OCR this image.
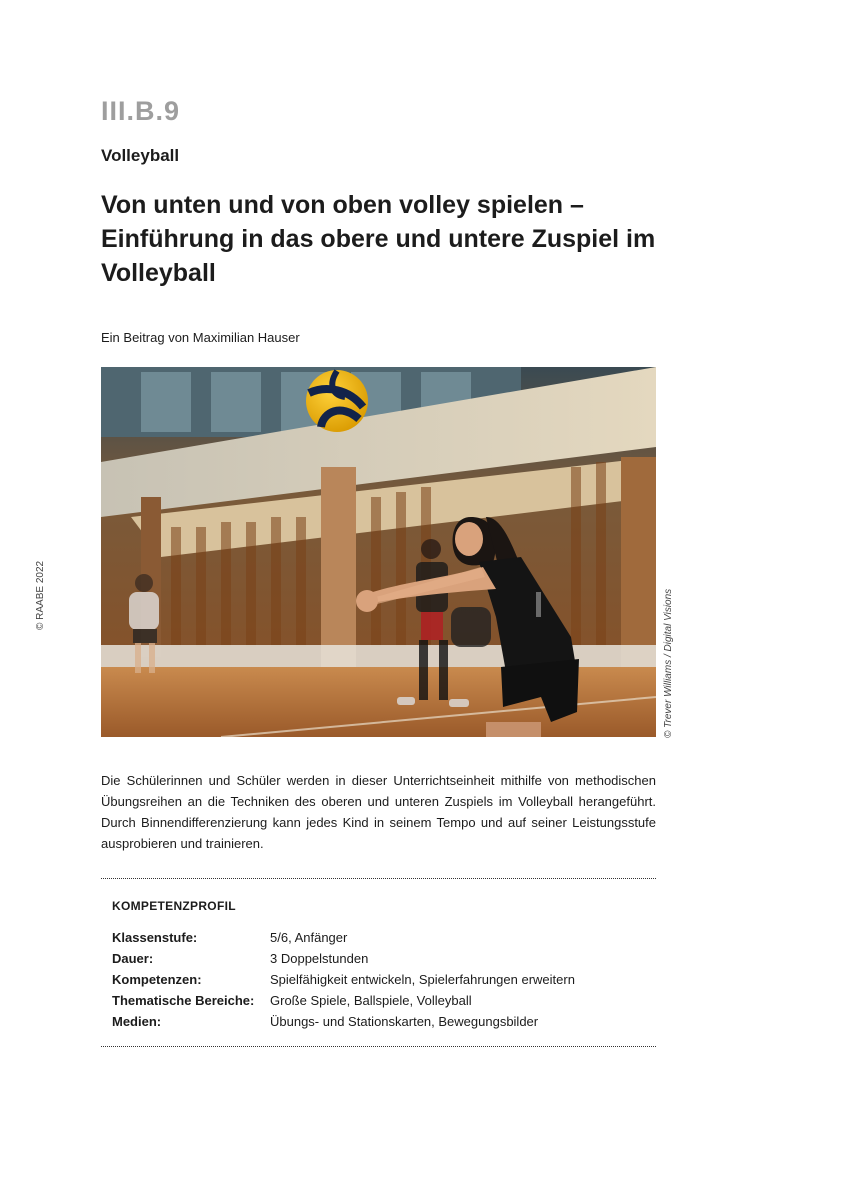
III.B.9
Volleyball
Von unten und von oben volley spielen – Einführung in das obere und untere Zuspiel im Volleyball
Ein Beitrag von Maximilian Hauser
© RAABE 2022	© Trever Williams / Digital Visions

Die Schülerinnen und Schüler werden in dieser Unterrichtseinheit mithilfe von methodischen Übungsreihen an die Techniken des oberen und unteren Zuspiels im Volleyball herangeführt. Durch Binnendifferenzierung kann jedes Kind in seinem Tempo und auf seiner Leistungsstufe ausprobieren und trainieren.

KOMPETENZPROFIL
Klassenstufe:	5/6, Anfänger
Dauer:	3 Doppelstunden
Kompetenzen:	Spielfähigkeit entwickeln, Spielerfahrungen erweitern
Thematische Bereiche: Große Spiele, Ballspiele, Volleyball
Medien:	Übungs- und Stationskarten, Bewegungsbilder
